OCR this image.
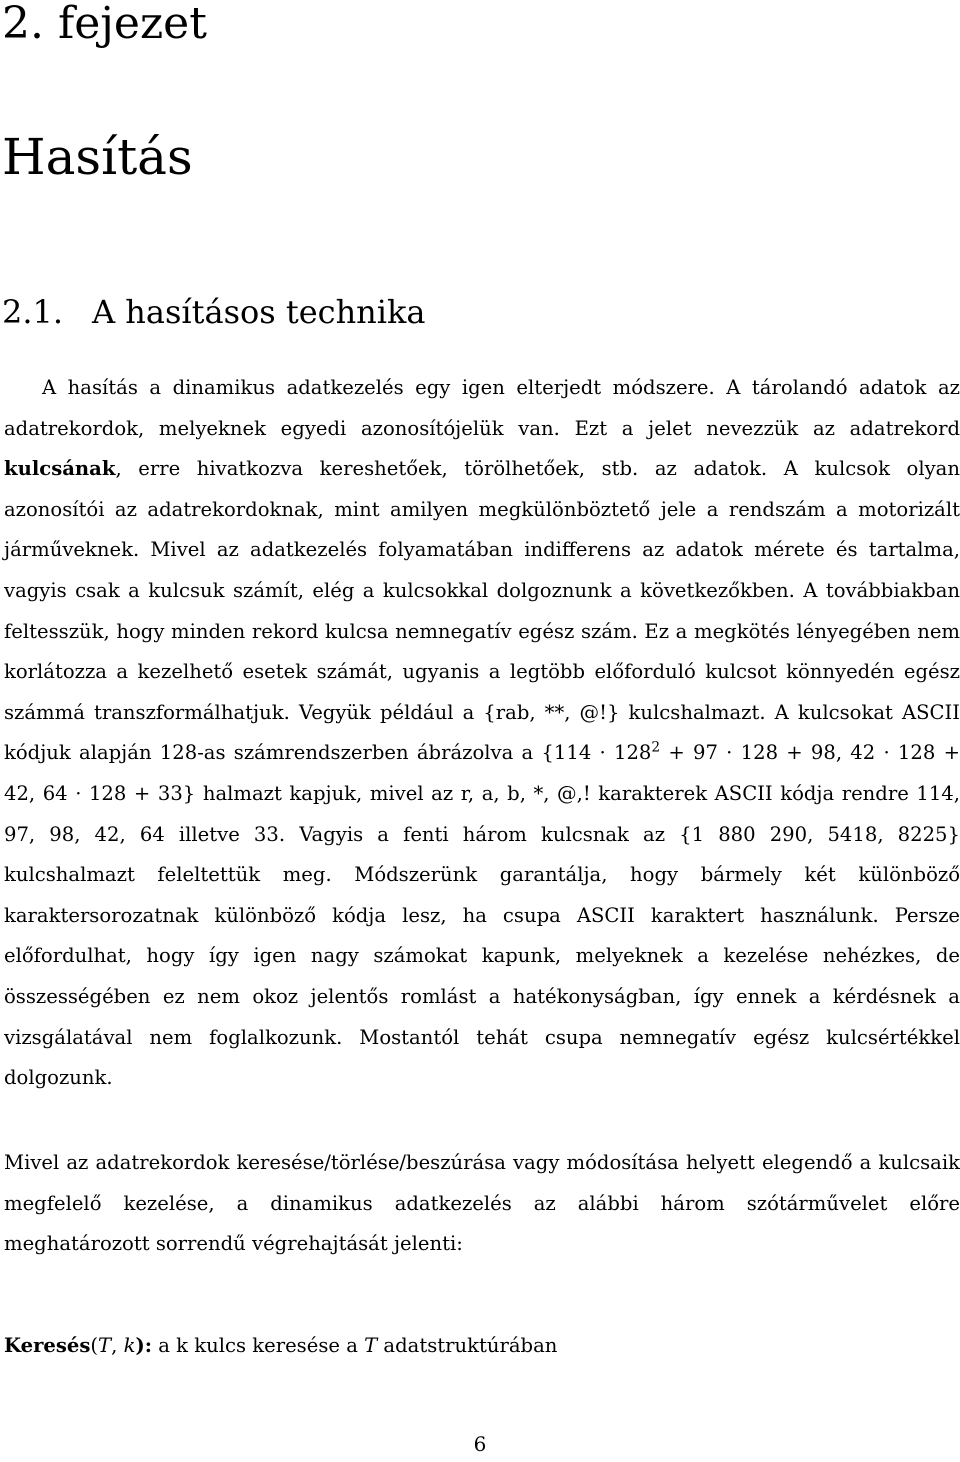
2. fejezet
Hasítás
2.1. A hasításos technika

A hasítás a dinamikus adatkezelés egy igen elterjedt módszere. A tárolandó adatok az adatrekordok, melyeknek egyedi azonosítójelük van. Ezt a jelet nevezzük az adatrekord kulcsának, erre hivatkozva kereshetőek, törölhetőek, stb. az adatok. A kulcsok olyan azonosítói az adatrekordoknak, mint amilyen megkülönböztető jele a rendszám a motorizált járműveknek. Mivel az adatkezelés folyamatában indifferens az adatok mérete és tartalma, vagyis csak a kulcsuk számít, elég a kulcsokkal dolgoznunk a következőkben. A továbbiakban feltesszük, hogy minden rekord kulcsa nemnegatív egész szám. Ez a megkötés lényegében nem korlátozza a kezelhető esetek számát, ugyanis a legtöbb előforduló kulcsot könnyedén egész számmá transzformálhatjuk. Vegyük például a {rab, **, @!} kulcshalmazt. A kulcsokat ASCII kódjuk alapján 128-as számrendszerben ábrázolva a {$114 \cdot 128^2 + 97 \cdot 128 + 98$, 42 · 128 + 42, 64 · 128 + 33} halmazt kapjuk, mivel az r, a, b, *, @,! karakterek ASCII kódja rendre 114, 97, 98, 42, 64 illetve 33. Vagyis a fenti három kulcsnak az {1 880 290, 5418, 8225} kulcshalmazt feleltettük meg. Módszerünk garantálja, hogy bármely két különböző karaktersorozatnak különböző kódja lesz, ha csupa ASCII karaktert használunk. Persze előfordulhat, hogy így igen nagy számokat kapunk, melyeknek a kezelése nehézkes, de összességében ez nem okoz jelentős romlást a hatékonyságban, így ennek a kérdésnek a vizsgálatával nem foglalkozunk. Mostantól tehát csupa nemnegatív egész kulcsértékkel dolgozunk.

Mivel az adatrekordok keresése/törlése/beszúrása vagy módosítása helyett elegendő a kulcsaik megfelelő kezelése, a dinamikus adatkezelés az alábbi három szótárművelet előre meghatározott sorrendű végrehajtását jelenti:

Keresés(T, k): a k kulcs keresése a T adatstruktúrában

6
